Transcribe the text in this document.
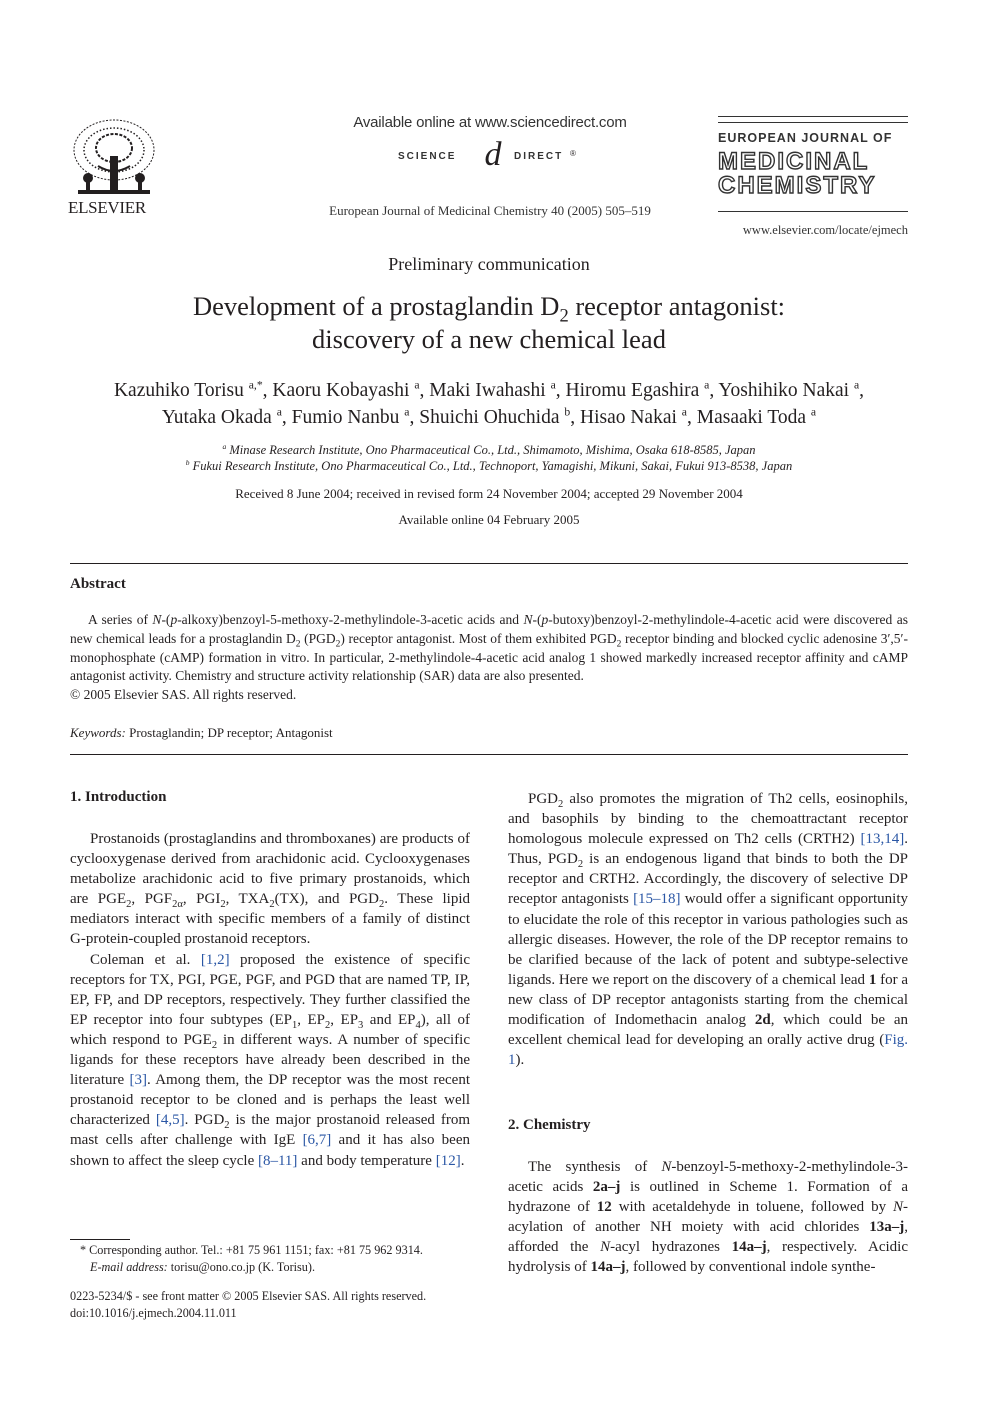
ELSEVIER
Available online at www.sciencedirect.com
SCIENCE d	DIRECT ®
European Journal of Medicinal Chemistry 40 (2005) 505–519
EUROPEAN JOURNAL OF
MEDICINAL
CHEMISTRY
www.elsevier.com/locate/ejmech
Preliminary communication
Development of a prostaglandin $D_2$ receptor antagonist:
discovery of a new chemical lead
Kazuhiko Torisu $^{a,*}$, Kaoru Kobayashi $^a$, Maki Iwahashi $^a$, Hiromu Egashira $^a$, Yoshihiko Nakai $^a$,
Yutaka Okada $^a$, Fumio Nanbu $^a$, Shuichi Ohuchida $^b$, Hisao Nakai $^a$, Masaaki Toda $^a$
$^a$ Minase Research Institute, Ono Pharmaceutical Co., Ltd., Shimamoto, Mishima, Osaka 618-8585, Japan
$^b$ Fukui Research Institute, Ono Pharmaceutical Co., Ltd., Technoport, Yamagishi, Mikuni, Sakai, Fukui 913-8538, Japan
Received 8 June 2004; received in revised form 24 November 2004; accepted 29 November 2004
Available online 04 February 2005
Abstract

A series of N-(p-alkoxy)benzoyl-5-methoxy-2-methylindole-3-acetic acids and N-(p-butoxy)benzoyl-2-methylindole-4-acetic acid were discovered as new chemical leads for a prostaglandin $D_2$ $(PGD_2)$ receptor antagonist. Most of them exhibited $PGD_2$ receptor binding and blocked cyclic adenosine 3′,5′-monophosphate (cAMP) formation in vitro. In particular, 2-methylindole-4-acetic acid analog 1 showed markedly increased receptor affinity and cAMP antagonist activity. Chemistry and structure activity relationship (SAR) data are also presented.

© 2005 Elsevier SAS. All rights reserved.
Keywords: Prostaglandin; DP receptor; Antagonist
1. Introduction

Prostanoids (prostaglandins and thromboxanes) are products of cyclooxygenase derived from arachidonic acid. Cyclooxygenases metabolize arachidonic acid to five primary prostanoids, which are $PGE_2$, $PGF_{2\alpha}$, $PGI_2$, $TXA_2(TX)$, and $PGD_2$. These lipid mediators interact with specific members of a family of distinct G-protein-coupled prostanoid receptors.

Coleman et al. [1,2] proposed the existence of specific receptors for TX, PGI, PGE, PGF, and PGD that are named TP, IP, EP, FP, and DP receptors, respectively. They further classified the EP receptor into four subtypes ($EP_1$, $EP_2$, $EP_3$ and $EP_4$), all of which respond to $PGE_2$ in different ways. A number of specific ligands for these receptors have already been described in the literature [3]. Among them, the DP receptor was the most recent prostanoid receptor to be cloned and is perhaps the least well characterized [4,5]. $PGD_2$ is the major prostanoid released from mast cells after challenge with IgE [6,7] and it has also been shown to affect the sleep cycle [8–11] and body temperature [12].

$PGD_2$ also promotes the migration of Th2 cells, eosinophils, and basophils by binding to the chemoattractant receptor homologous molecule expressed on Th2 cells (CRTH2) [13,14]. Thus, $PGD_2$ is an endogenous ligand that binds to both the DP receptor and CRTH2. Accordingly, the discovery of selective DP receptor antagonists [15–18] would offer a significant opportunity to elucidate the role of this receptor in various pathologies such as allergic diseases. However, the role of the DP receptor remains to be clarified because of the lack of potent and subtype-selective ligands. Here we report on the discovery of a chemical lead 1 for a new class of DP receptor antagonists starting from the chemical modification of Indomethacin analog 2d, which could be an excellent chemical lead for developing an orally active drug (Fig. 1).

2. Chemistry

The synthesis of N-benzoyl-5-methoxy-2-methylindole-3-acetic acids 2a–j is outlined in Scheme 1. Formation of a hydrazone of 12 with acetaldehyde in toluene, followed by N-acylation of another NH moiety with acid chlorides 13a–j, afforded the N-acyl hydrazones 14a–j, respectively. Acidic hydrolysis of 14a–j, followed by conventional indole synthe-

* Corresponding author. Tel.: +81 75 961 1151; fax: +81 75 962 9314.
E-mail address: torisu@ono.co.jp (K. Torisu).
0223-5234/$ - see front matter © 2005 Elsevier SAS. All rights reserved.
doi:10.1016/j.ejmech.2004.11.011
